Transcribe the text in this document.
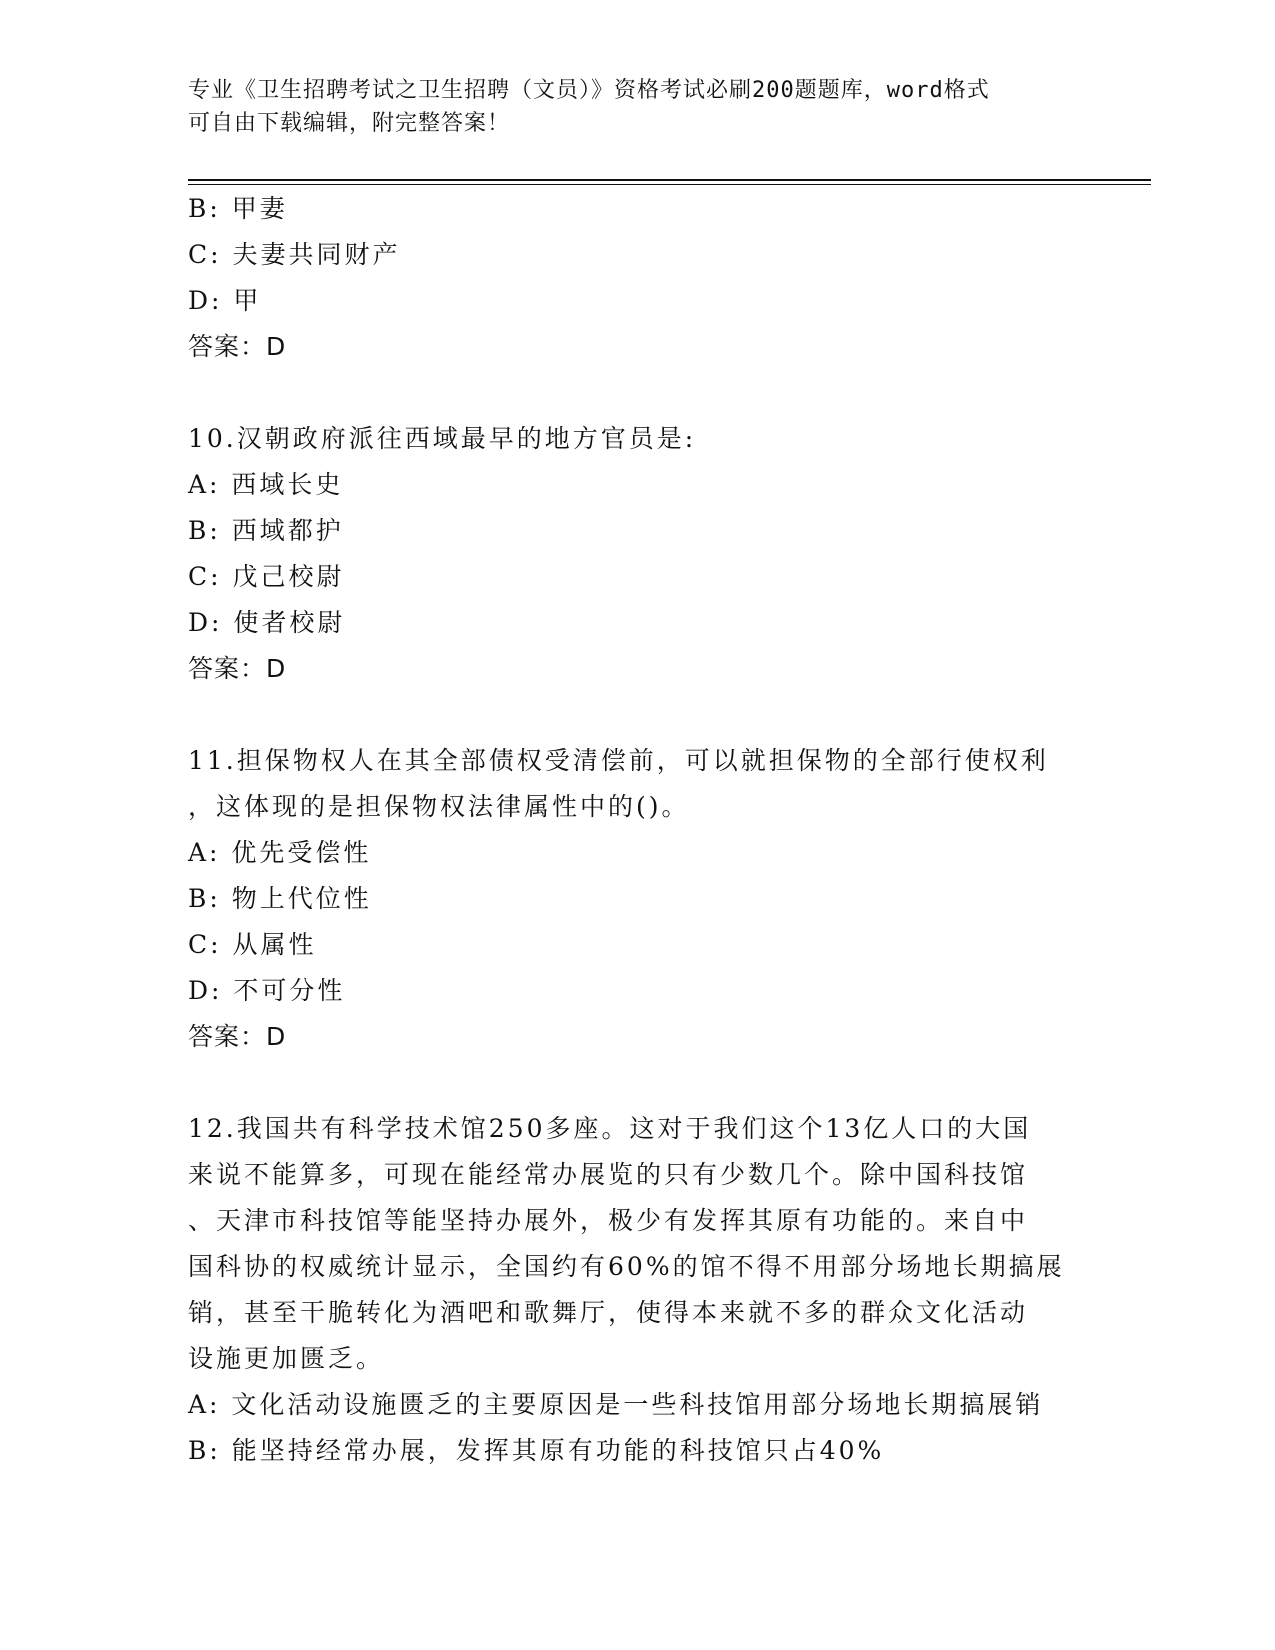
专业《卫生招聘考试之卫生招聘（文员）》资格考试必刷200题题库，word格式
可自由下载编辑，附完整答案！
B: 甲妻
C: 夫妻共同财产
D: 甲
答案：D
10.汉朝政府派往西域最早的地方官员是:
A: 西域长史
B: 西域都护
C: 戊己校尉
D: 使者校尉
答案：D
11.担保物权人在其全部债权受清偿前，可以就担保物的全部行使权利
，这体现的是担保物权法律属性中的()。
A: 优先受偿性
B: 物上代位性
C: 从属性
D: 不可分性
答案：D
12.我国共有科学技术馆250多座。这对于我们这个13亿人口的大国
来说不能算多，可现在能经常办展览的只有少数几个。除中国科技馆
、天津市科技馆等能坚持办展外，极少有发挥其原有功能的。来自中
国科协的权威统计显示，全国约有60%的馆不得不用部分场地长期搞展
销，甚至干脆转化为酒吧和歌舞厅，使得本来就不多的群众文化活动
设施更加匮乏。
A: 文化活动设施匮乏的主要原因是一些科技馆用部分场地长期搞展销
B: 能坚持经常办展，发挥其原有功能的科技馆只占40%
